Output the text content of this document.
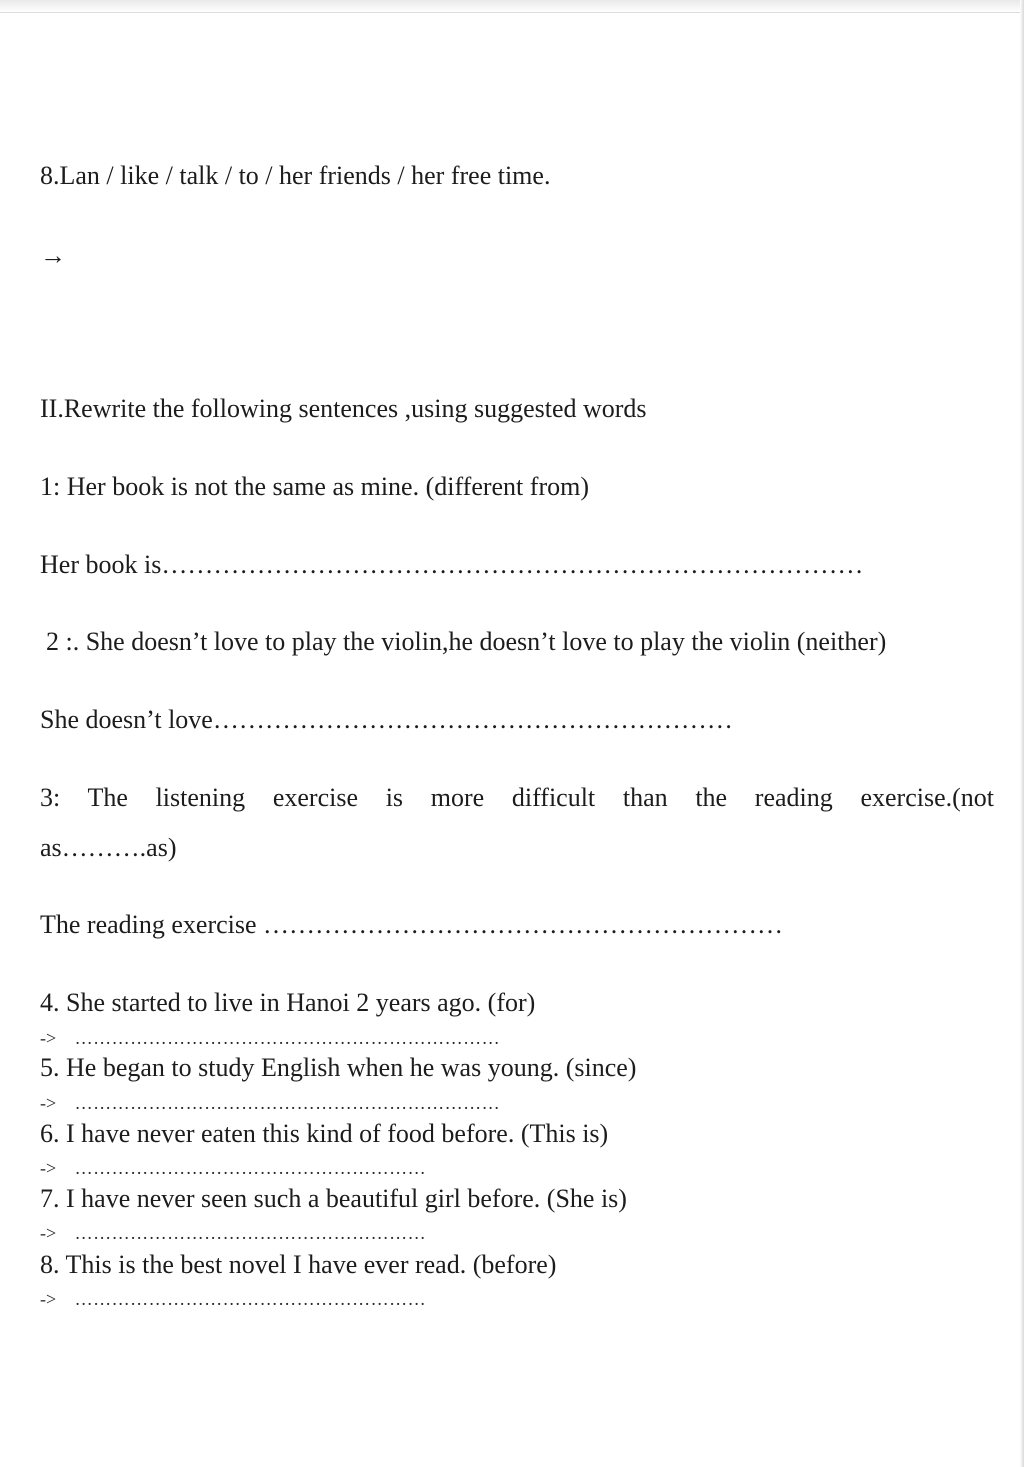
8.Lan / like / talk / to / her friends / her free time.
→
II.Rewrite the following sentences ,using suggested words
1: Her book is not the same as mine. (different from)
Her book is………………………………………………………………………
2 :. She doesn’t love to play the violin,he doesn’t love to play the violin (neither)
She doesn’t love……………………………………………………
3: The listening exercise is more difficult than the reading exercise.(not
as……….as)
The reading exercise ……………………………………………………
4. She started to live in Hanoi 2 years ago. (for)
-> ……………………………………………………………
5. He began to study English when he was young. (since)
-> ……………………………………………………………
6. I have never eaten this kind of food before. (This is)
-> …………………………………………………
7. I have never seen such a beautiful girl before. (She is)
-> …………………………………………………
8. This is the best novel I have ever read. (before)
-> …………………………………………………
